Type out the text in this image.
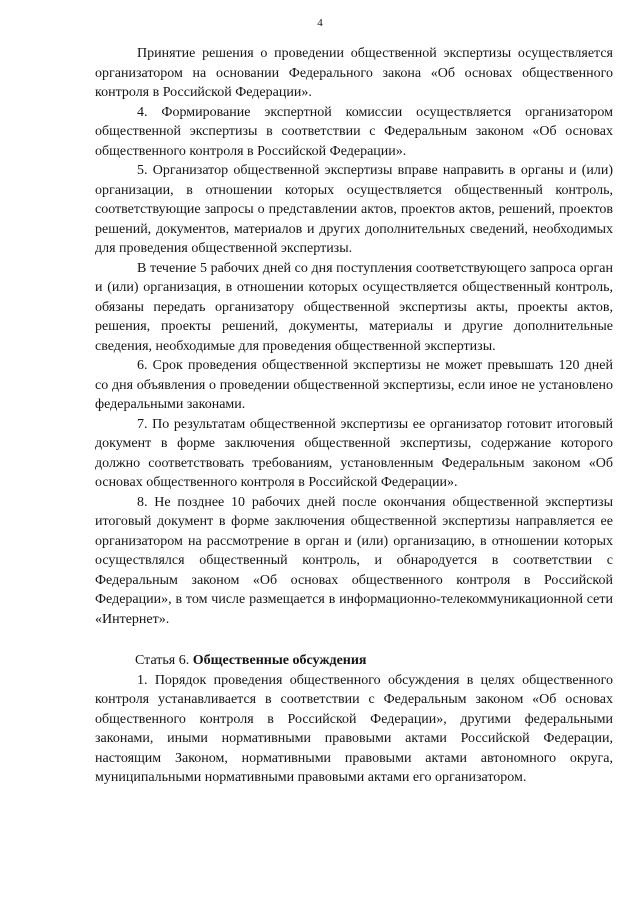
4

Принятие решения о проведении общественной экспертизы осуществляется организатором на основании Федерального закона «Об основах общественного контроля в Российской Федерации».

4. Формирование экспертной комиссии осуществляется организатором общественной экспертизы в соответствии с Федеральным законом «Об основах общественного контроля в Российской Федерации».

5. Организатор общественной экспертизы вправе направить в органы и (или) организации, в отношении которых осуществляется общественный контроль, соответствующие запросы о представлении актов, проектов актов, решений, проектов решений, документов, материалов и других дополнительных сведений, необходимых для проведения общественной экспертизы.

В течение 5 рабочих дней со дня поступления соответствующего запроса орган и (или) организация, в отношении которых осуществляется общественный контроль, обязаны передать организатору общественной экспертизы акты, проекты актов, решения, проекты решений, документы, материалы и другие дополнительные сведения, необходимые для проведения общественной экспертизы.

6. Срок проведения общественной экспертизы не может превышать 120 дней со дня объявления о проведении общественной экспертизы, если иное не установлено федеральными законами.

7. По результатам общественной экспертизы ее организатор готовит итоговый документ в форме заключения общественной экспертизы, содержание которого должно соответствовать требованиям, установленным Федеральным законом «Об основах общественного контроля в Российской Федерации».

8. Не позднее 10 рабочих дней после окончания общественной экспертизы итоговый документ в форме заключения общественной экспертизы направляется ее организатором на рассмотрение в орган и (или) организацию, в отношении которых осуществлялся общественный контроль, и обнародуется в соответствии с Федеральным законом «Об основах общественного контроля в Российской Федерации», в том числе размещается в информационно-телекоммуникационной сети «Интернет».

Статья 6. Общественные обсуждения

1. Порядок проведения общественного обсуждения в целях общественного контроля устанавливается в соответствии с Федеральным законом «Об основах общественного контроля в Российской Федерации», другими федеральными законами, иными нормативными правовыми актами Российской Федерации, настоящим Законом, нормативными правовыми актами автономного округа, муниципальными нормативными правовыми актами его организатором.
